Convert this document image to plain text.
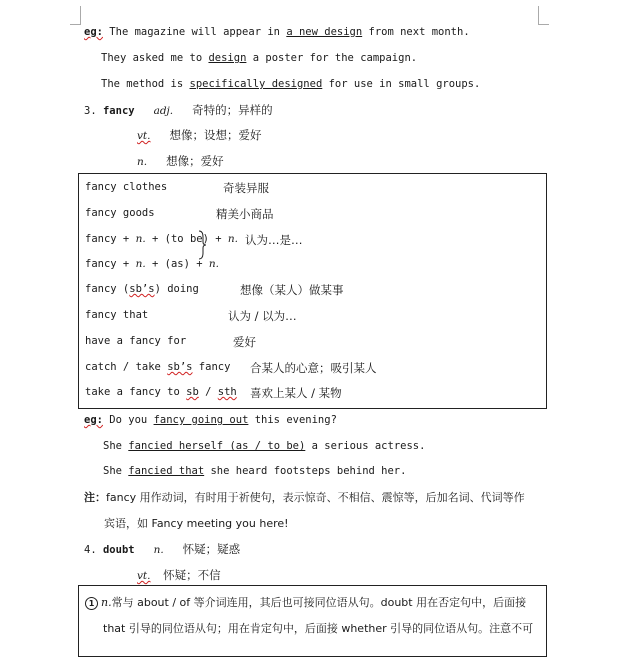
eg: The magazine will appear in a new design from next month.
They asked me to design a poster for the campaign.
The method is specifically designed for use in small groups.
3. fancy adj. 奇特的；异样的
vt. 想像；设想；爱好
n. 想像；爱好
fancy clothes	奇装异服
fancy goods	精美小商品
fancy + n. + (to be) + n. 认为…是…
fancy + n. + (as) + n.
fancy (sb’s) doing	想像（某人）做某事
fancy that	认为 / 以为…
have a fancy for	爱好
catch / take sb’s fancy 合某人的心意；吸引某人
take a fancy to sb / sth 喜欢上某人 / 某物
eg: Do you fancy going out this evening?
She fancied herself (as / to be) a serious actress.
She fancied that she heard footsteps behind her.
注：fancy 用作动词，有时用于祈使句，表示惊奇、不相信、震惊等，后加名词、代词等作
宾语，如 Fancy meeting you here!
4. doubt n. 怀疑；疑惑
vt. 怀疑；不信
1 n.常与 about / of 等介词连用，其后也可接同位语从句。doubt 用在否定句中，后面接
that 引导的同位语从句；用在肯定句中，后面接 whether 引导的同位语从句。注意不可
